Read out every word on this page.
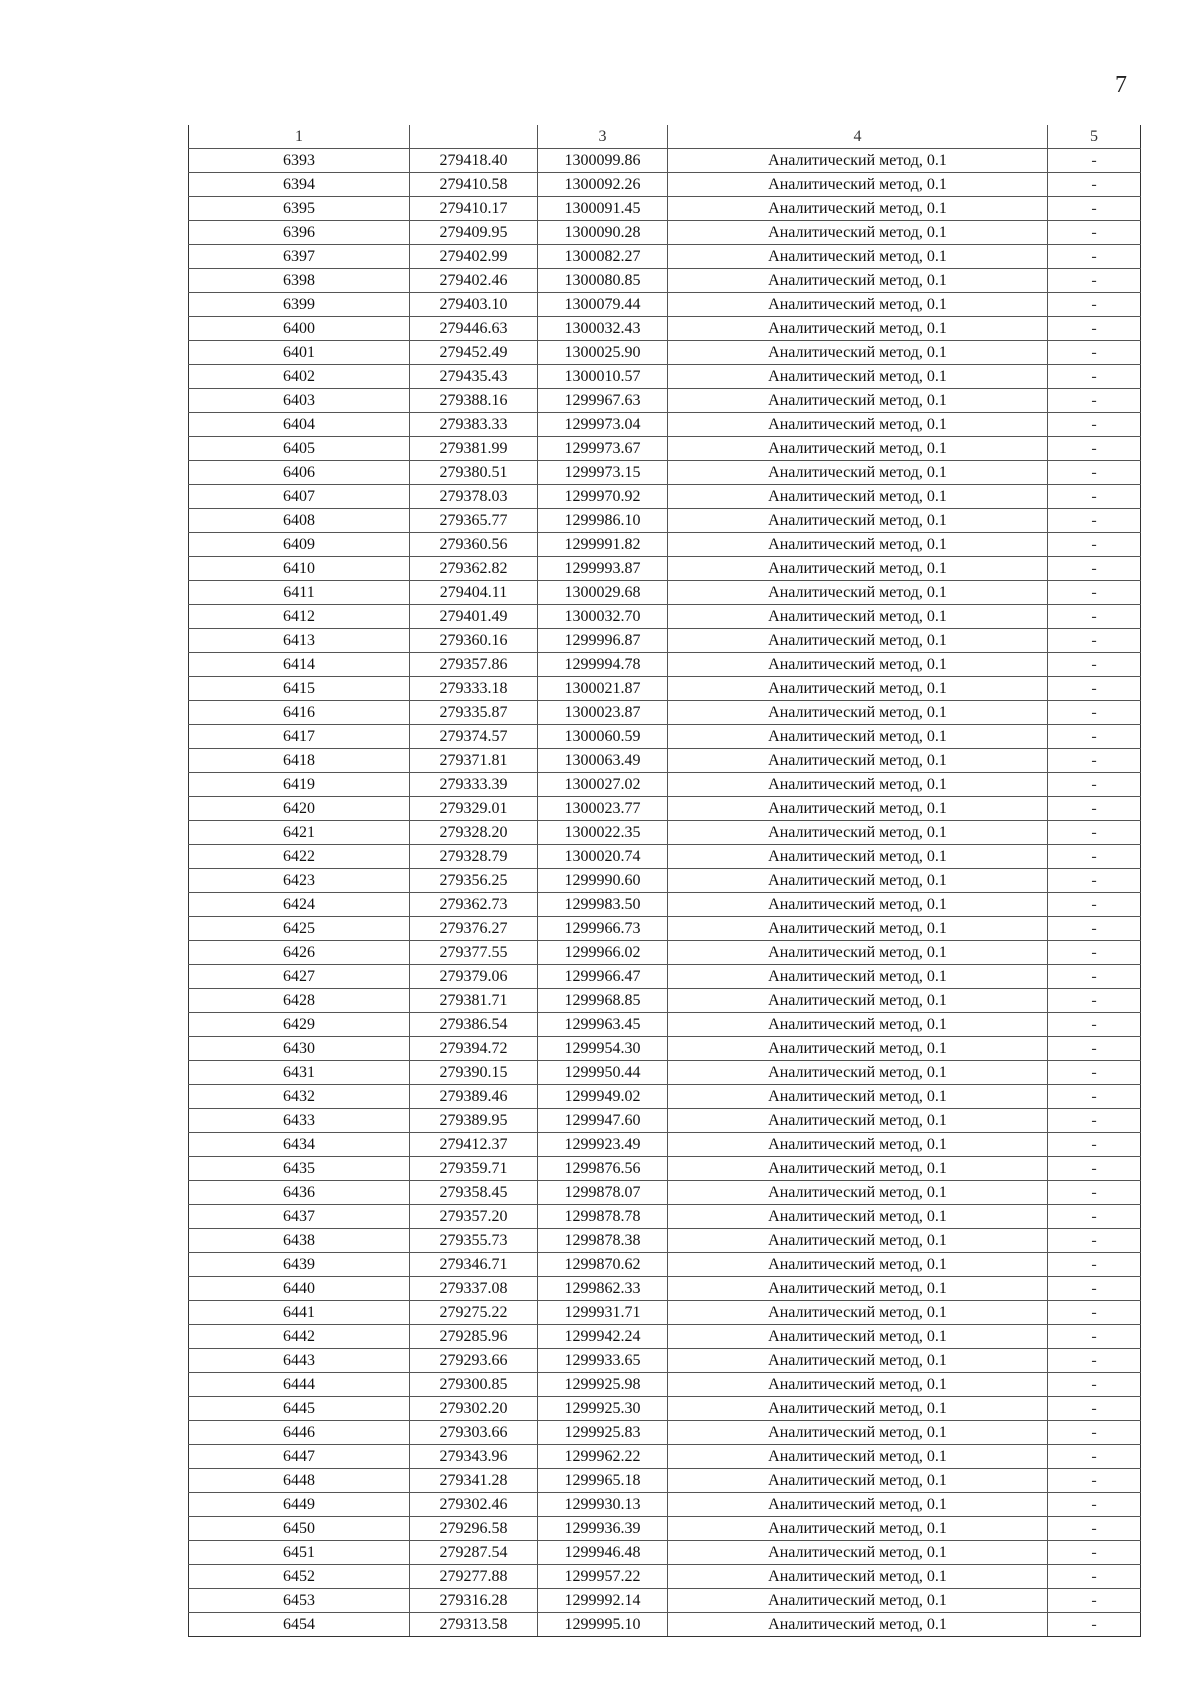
7
1		3	4	5
6393	279418.40	1300099.86	Аналитический метод, 0.1	-
6394	279410.58	1300092.26	Аналитический метод, 0.1	-
6395	279410.17	1300091.45	Аналитический метод, 0.1	-
6396	279409.95	1300090.28	Аналитический метод, 0.1	-
6397	279402.99	1300082.27	Аналитический метод, 0.1	-
6398	279402.46	1300080.85	Аналитический метод, 0.1	-
6399	279403.10	1300079.44	Аналитический метод, 0.1	-
6400	279446.63	1300032.43	Аналитический метод, 0.1	-
6401	279452.49	1300025.90	Аналитический метод, 0.1	-
6402	279435.43	1300010.57	Аналитический метод, 0.1	-
6403	279388.16	1299967.63	Аналитический метод, 0.1	-
6404	279383.33	1299973.04	Аналитический метод, 0.1	-
6405	279381.99	1299973.67	Аналитический метод, 0.1	-
6406	279380.51	1299973.15	Аналитический метод, 0.1	-
6407	279378.03	1299970.92	Аналитический метод, 0.1	-
6408	279365.77	1299986.10	Аналитический метод, 0.1	-
6409	279360.56	1299991.82	Аналитический метод, 0.1	-
6410	279362.82	1299993.87	Аналитический метод, 0.1	-
6411	279404.11	1300029.68	Аналитический метод, 0.1	-
6412	279401.49	1300032.70	Аналитический метод, 0.1	-
6413	279360.16	1299996.87	Аналитический метод, 0.1	-
6414	279357.86	1299994.78	Аналитический метод, 0.1	-
6415	279333.18	1300021.87	Аналитический метод, 0.1	-
6416	279335.87	1300023.87	Аналитический метод, 0.1	-
6417	279374.57	1300060.59	Аналитический метод, 0.1	-
6418	279371.81	1300063.49	Аналитический метод, 0.1	-
6419	279333.39	1300027.02	Аналитический метод, 0.1	-
6420	279329.01	1300023.77	Аналитический метод, 0.1	-
6421	279328.20	1300022.35	Аналитический метод, 0.1	-
6422	279328.79	1300020.74	Аналитический метод, 0.1	-
6423	279356.25	1299990.60	Аналитический метод, 0.1	-
6424	279362.73	1299983.50	Аналитический метод, 0.1	-
6425	279376.27	1299966.73	Аналитический метод, 0.1	-
6426	279377.55	1299966.02	Аналитический метод, 0.1	-
6427	279379.06	1299966.47	Аналитический метод, 0.1	-
6428	279381.71	1299968.85	Аналитический метод, 0.1	-
6429	279386.54	1299963.45	Аналитический метод, 0.1	-
6430	279394.72	1299954.30	Аналитический метод, 0.1	-
6431	279390.15	1299950.44	Аналитический метод, 0.1	-
6432	279389.46	1299949.02	Аналитический метод, 0.1	-
6433	279389.95	1299947.60	Аналитический метод, 0.1	-
6434	279412.37	1299923.49	Аналитический метод, 0.1	-
6435	279359.71	1299876.56	Аналитический метод, 0.1	-
6436	279358.45	1299878.07	Аналитический метод, 0.1	-
6437	279357.20	1299878.78	Аналитический метод, 0.1	-
6438	279355.73	1299878.38	Аналитический метод, 0.1	-
6439	279346.71	1299870.62	Аналитический метод, 0.1	-
6440	279337.08	1299862.33	Аналитический метод, 0.1	-
6441	279275.22	1299931.71	Аналитический метод, 0.1	-
6442	279285.96	1299942.24	Аналитический метод, 0.1	-
6443	279293.66	1299933.65	Аналитический метод, 0.1	-
6444	279300.85	1299925.98	Аналитический метод, 0.1	-
6445	279302.20	1299925.30	Аналитический метод, 0.1	-
6446	279303.66	1299925.83	Аналитический метод, 0.1	-
6447	279343.96	1299962.22	Аналитический метод, 0.1	-
6448	279341.28	1299965.18	Аналитический метод, 0.1	-
6449	279302.46	1299930.13	Аналитический метод, 0.1	-
6450	279296.58	1299936.39	Аналитический метод, 0.1	-
6451	279287.54	1299946.48	Аналитический метод, 0.1	-
6452	279277.88	1299957.22	Аналитический метод, 0.1	-
6453	279316.28	1299992.14	Аналитический метод, 0.1	-
6454	279313.58	1299995.10	Аналитический метод, 0.1	-
